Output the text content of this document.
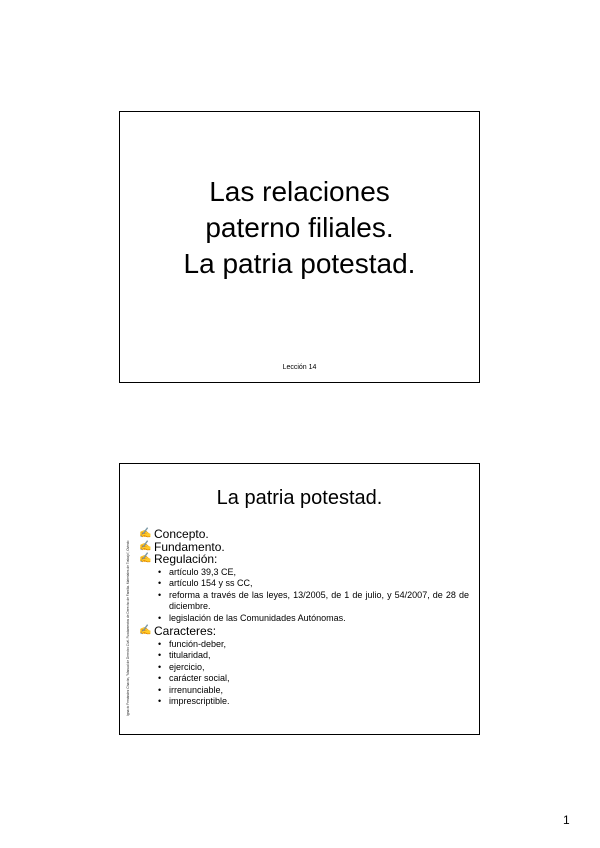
Las relaciones
paterno filiales.
La patria potestad.
Lección 14
La patria potestad.
Ignacio Fernández Chacón, ”Manual de Derecho Civil. Fundamentos de Derecho de Familia. Materiales de Trabajo”, Oviedo
✍ Concepto.
✍ Fundamento.
✍ Regulación:
• artículo 39,3 CE,
• artículo 154 y ss CC,
• reforma a través de las leyes, 13/2005, de 1 de julio, y 54/2007, de 28 de diciembre.
• legislación de las Comunidades Autónomas.
✍ Caracteres:
• función-deber,
• titularidad,
• ejercicio,
• carácter social,
• irrenunciable,
• imprescriptible.
1
